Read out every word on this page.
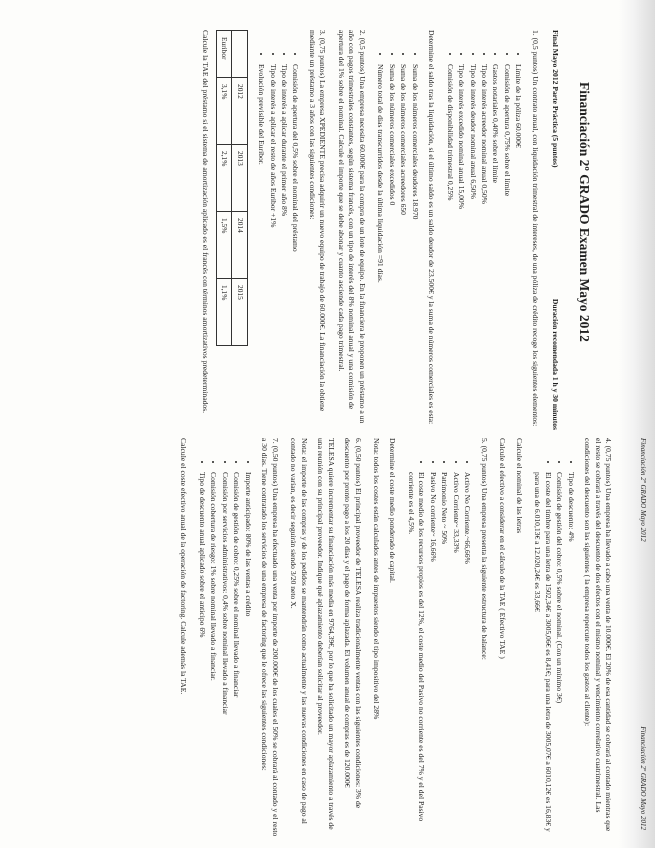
Financiación 2º GRADO Mayo 2012
Financiación 2º GRADO Mayo 2012
Financiación 2º GRADO Examen Mayo 2012
Final Mayo 2012 Parte Práctica (5 puntos)
Duración recomendada 1 h y 30 minutos

1. (0,5 puntos) Un contrato anual, con liquidación trimestral de intereses, de una póliza de crédito recoge los siguientes elementos:

• Límite de la póliza 60.000€
• Comisión de apertura 0,75% sobre el límite
• Gastos notariales 0,40% sobre el límite
• Tipo de interés acreedor nominal anual 0,50%
• Tipo de interés deudor nominal anual 6,50%
• Tipo de interés excedido nominal anual 15,00%
• Comisión de disponibilidad trimestral 0,25%

Determine el saldo tras la liquidación, si el último saldo es un saldo deudor de 23.500€ y la suma de números comerciales es esta:

• Suma de los números comerciales deudores 18.970
• Suma de los números comerciales acreedores 650
• Suma de los números comerciales excedidos 0
• Número total de días transcurridos desde la última liquidación =91 días.

2. (0,5 puntos) Una empresa necesita 60.000€ para la compra de un lote de equipo. En la financiera le proponen un préstamo a un año con pagos trimestrales constantes, según sistema francés, con un tipo de interés del 8% nominal anual y una comisión de apertura del 1% sobre el nominal. Calcule el importe que se debe abonar y cuanto asciende cada pago trimestral.

3. (0,75 puntos) La empresa XPEDIENTE precisa adquirir un nuevo equipo de trabajo de 60.000€. La financiación la obtiene mediante un préstamo a 3 años con las siguientes condiciones:

• Comisión de apertura del 0,5% sobre el nominal del préstamo
• Tipo de interés a aplicar durante el primer año 8%
• Tipo de interés a aplicar el resto de años Euribor +1%
• Evolución previsible del Euribor.
	2012	2013	2014	2015
Euribor	3,1%	2,1%	1,5%	1,1%

Calcule la TAE del préstamo si el sistema de amortización aplicado es el francés con términos amortizativos predeterminados.

4. (0,75 puntos) Una empresa ha llevado a cabo una venta de 10.000€. El 20% de esa cantidad se cobrará al contado mientras que el resto se cobrará a través del descuento de dos efectos con el mismo nominal y vencimiento correlativo cuatrimestral. Las condiciones del descuento son las siguientes ( la empresa repercute todos los gastos al cliente):

• Tipo de descuento: 4%
• Comisión de gestión del cobro: 0,5% sobre el nominal. (Con un mínimo 3€)
• El coste del timbre para una letra de 1502,34€ a 3005,06€ es 8,41€; para una letra de 3005,07€ a 6010,12€ es 16,83€ y para una de 6.010,13€ a 12.020,24€ es 33,66€

Calcule el nominal de las letras

Calcule el efectivo a considerar en el cálculo de la TAE ( Efectivo TAE )

5. (0,75 puntos) Una empresa presenta la siguiente estructura de balance:

• Activo No Corriente.~66,66%
• Activo Corriente~ 33,33%
• Patrimonio Neto ~ 50%
• Pasivo No corriente~ 16,66%
• El coste medio de los recursos propios es del 12%, el coste medio del Pasivo no corriente es del 7% y el del Pasivo corriente es el 4,5%.

Determine el coste medio ponderado de capital.

Nota: todos los costes están calculados antes de impuestos siendo el tipo impositivo del 28%

6. (0,50 puntos) El principal proveedor de TELESA realiza tradicionalmente ventas con las siguientes condiciones: 3% de descuento por pronto pago a los 20 días y el pago de forma aplazada. El volumen anual de compras es de 120.000€

TELESA quiere incrementar su financiación más media en 9764,39€, por lo que ha solicitado un mayor aplazamiento a través de una reunión con su principal proveedor. Indique qué aplazamiento deberían solicitar al proveedor.

Nota: el importe de las compras y de los pedidos se mantendrán como actualmente y las nuevas condiciones en caso de pago al contado no varían, es decir seguirán siendo 3/20 neto X.

7. (0,50 puntos) Una empresa ha efectuado una venta por importe de 200.000€ de los cuales el 50% se cobrará al contado y el resto a 30 días. Tiene contratado los servicios de una empresa de factoring que le ofrece las siguientes condiciones:

• Importe anticipado: 80% de las ventas a crédito
• Comisión de gestión de cobro: 0,25% sobre el nominal llevado a financiar
• Comisión por servicios administrativos: 0,4% sobre nominal llevado a financiar
• Comisión cobertura de riesgo: 1% sobre nominal llevado a financiar.
• Tipo de descuento anual aplicado sobre el anticipo 6%

Calcule el coste efectivo anual de la operación de factoring. Calcule además la TAE.
